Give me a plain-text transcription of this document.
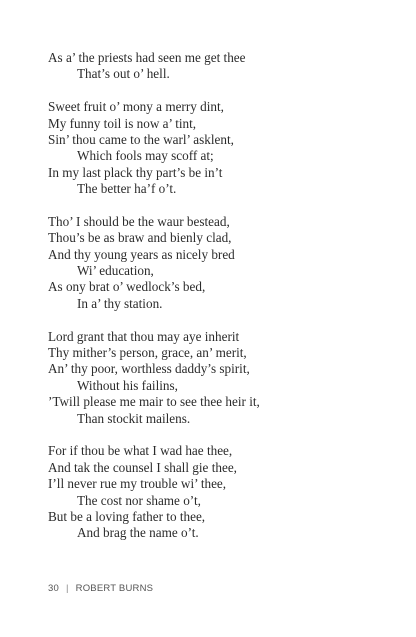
As a’ the priests had seen me get thee
That’s out o’ hell.
Sweet fruit o’ mony a merry dint,
My funny toil is now a’ tint,
Sin’ thou came to the warl’ asklent,
Which fools may scoff at;
In my last plack thy part’s be in’t
The better ha’f o’t.
Tho’ I should be the waur bestead,
Thou’s be as braw and bienly clad,
And thy young years as nicely bred
Wi’ education,
As ony brat o’ wedlock’s bed,
In a’ thy station.
Lord grant that thou may aye inherit
Thy mither’s person, grace, an’ merit,
An’ thy poor, worthless daddy’s spirit,
Without his failins,
’Twill please me mair to see thee heir it,
Than stockit mailens.
For if thou be what I wad hae thee,
And tak the counsel I shall gie thee,
I’ll never rue my trouble wi’ thee,
The cost nor shame o’t,
But be a loving father to thee,
And brag the name o’t.
30 | ROBERT BURNS
